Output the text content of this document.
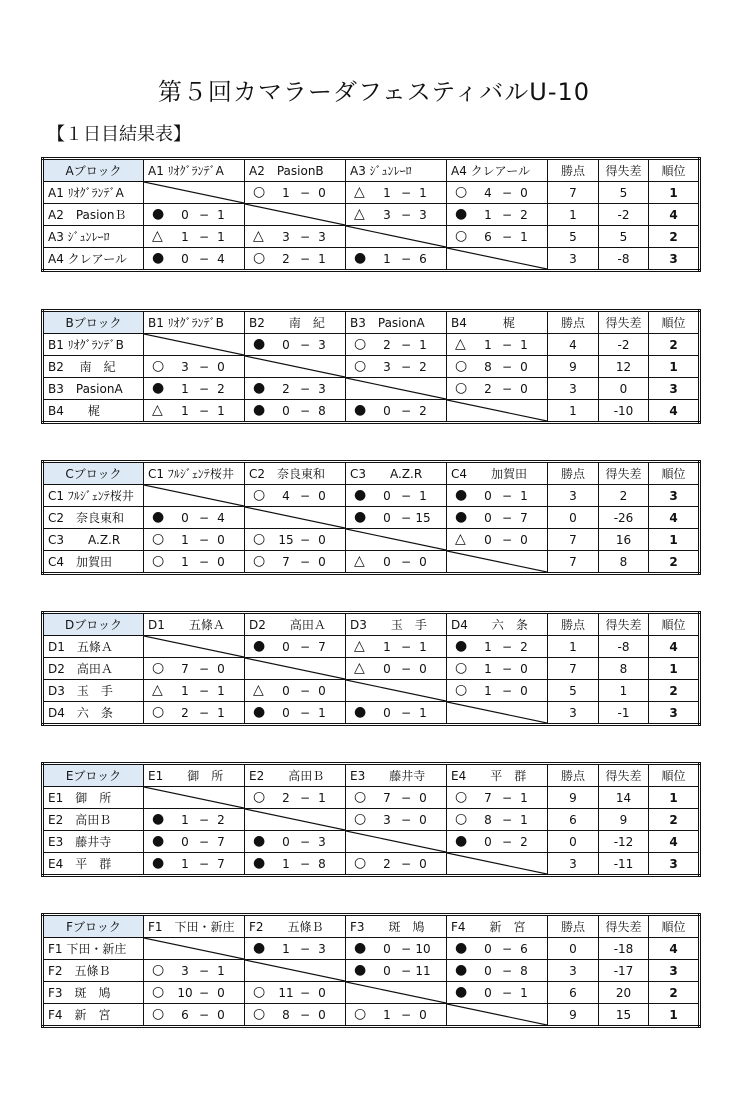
第５回カマラーダフェスティバルU-10
【１日目結果表】
Aブロック	A1 ﾘｵｸﾞﾗﾝﾃﾞA	A2　PasionB	A3 ｼﾞｭﾝﾚｰﾛ	A4 クレアール	勝点	得失差	順位
A1 ﾘｵｸﾞﾗﾝﾃﾞA		○ 1 − 0	△ 1 − 1	○ 4 − 0	7	5	1
A2　PasionＢ	● 0 − 1		△ 3 − 3	● 1 − 2	1	-2	4
A3 ｼﾞｭﾝﾚｰﾛ	△ 1 − 1	△ 3 − 3		○ 6 − 1	5	5	2
A4 クレアール	● 0 − 4	○ 2 − 1	● 1 − 6		3	-8	3
Bブロック	B1 ﾘｵｸﾞﾗﾝﾃﾞB	B2　　南　紀	B3　PasionA	B4　　　梶	勝点	得失差	順位
B1 ﾘｵｸﾞﾗﾝﾃﾞB		● 0 − 3	○ 2 − 1	△ 1 − 1	4	-2	2
B2　 南　紀	○ 3 − 0		○ 3 − 2	○ 8 − 0	9	12	1
B3　PasionA	● 1 − 2	● 2 − 3		○ 2 − 0	3	0	3
B4　　梶	△ 1 − 1	● 0 − 8	● 0 − 2		1	-10	4
Cブロック	C1 ﾌﾙｼﾞｪﾝﾃ桜井	C2　奈良東和	C3　　A.Z.R	C4　　加賀田	勝点	得失差	順位
C1 ﾌﾙｼﾞｪﾝﾃ桜井		○ 4 − 0	● 0 − 1	● 0 − 1	3	2	3
C2　奈良東和	● 0 − 4		● 0 − 15	● 0 − 7	0	-26	4
C3　　A.Z.R	○ 1 − 0	○ 15 − 0		△ 0 − 0	7	16	1
C4　加賀田	○ 1 − 0	○ 7 − 0	△ 0 − 0		7	8	2
Dブロック	D1　　五條Ａ	D2　　高田Ａ	D3　　玉　手	D4　　六　条	勝点	得失差	順位
D1　五條Ａ		● 0 − 7	△ 1 − 1	● 1 − 2	1	-8	4
D2　高田Ａ	○ 7 − 0		△ 0 − 0	○ 1 − 0	7	8	1
D3　玉　手	△ 1 − 1	△ 0 − 0		○ 1 − 0	5	1	2
D4　六　条	○ 2 − 1	● 0 − 1	● 0 − 1		3	-1	3
Eブロック	E1　　御　所	E2　　高田Ｂ	E3　　藤井寺	E4　　平　群	勝点	得失差	順位
E1　御　所		○ 2 − 1	○ 7 − 0	○ 7 − 1	9	14	1
E2　高田Ｂ	● 1 − 2		○ 3 − 0	○ 8 − 1	6	9	2
E3　藤井寺	● 0 − 7	● 0 − 3		● 0 − 2	0	-12	4
E4　平　群	● 1 − 7	● 1 − 8	○ 2 − 0		3	-11	3
Fブロック	F1　下田・新庄	F2　　五條Ｂ	F3　　斑　鳩	F4　　新　宮	勝点	得失差	順位
F1 下田・新庄		● 1 − 3	● 0 − 10	● 0 − 6	0	-18	4
F2　五條Ｂ	○ 3 − 1		● 0 − 11	● 0 − 8	3	-17	3
F3　斑　鳩	○ 10 − 0	○ 11 − 0		● 0 − 1	6	20	2
F4　新　宮	○ 6 − 0	○ 8 − 0	○ 1 − 0		9	15	1
